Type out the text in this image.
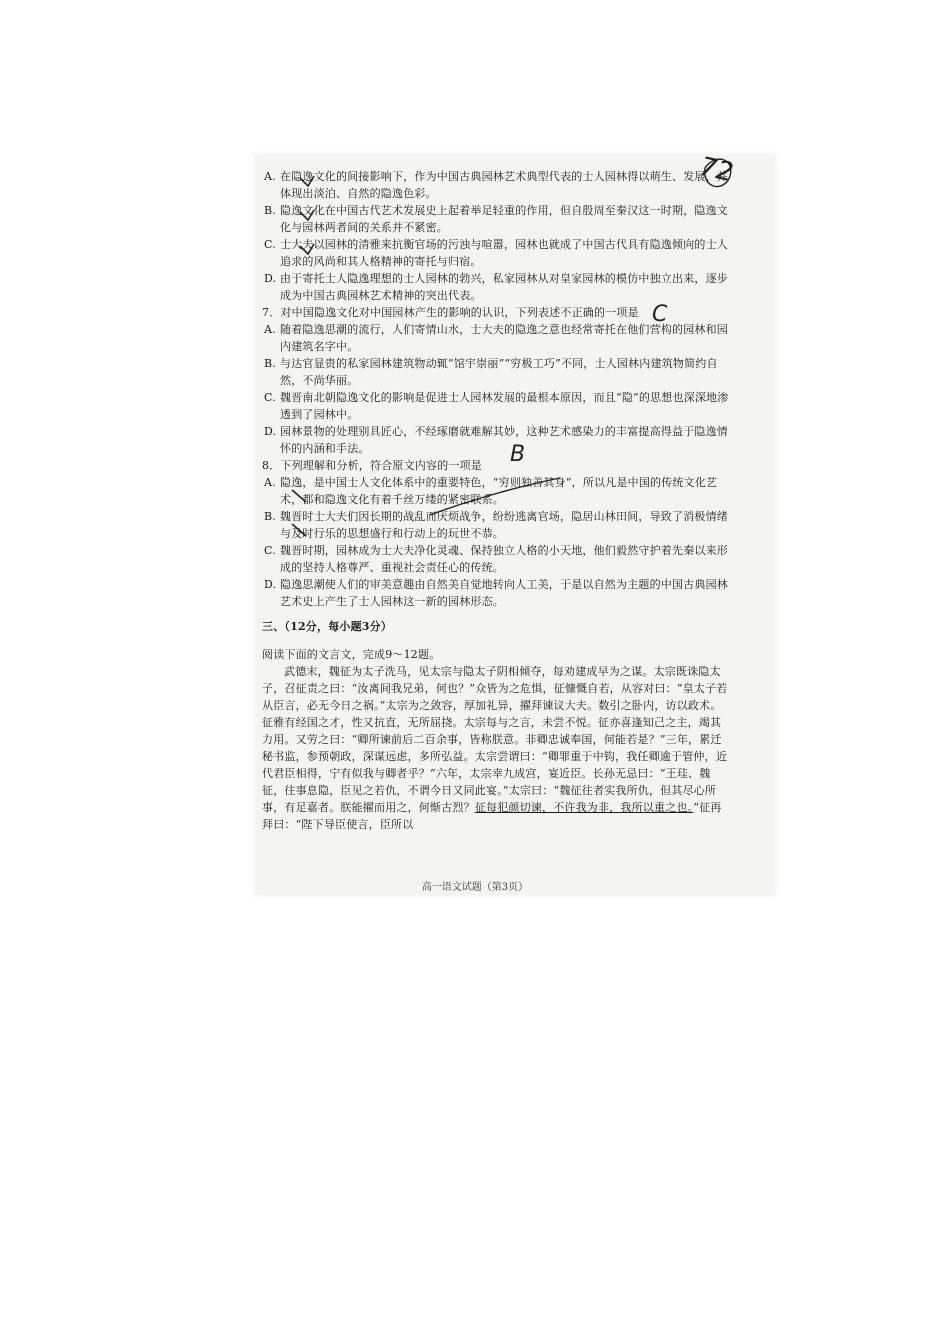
A. 在隐逸文化的间接影响下，作为中国古典园林艺术典型代表的士人园林得以萌生、发展，并体现出淡泊、自然的隐逸色彩。

B. 隐逸文化在中国古代艺术发展史上起着举足轻重的作用，但自殷周至秦汉这一时期，隐逸文化与园林两者间的关系并不紧密。

C. 士大夫以园林的清雅来抗衡官场的污浊与喧嚣，园林也就成了中国古代具有隐逸倾向的士人追求的风尚和其人格精神的寄托与归宿。

D. 由于寄托士人隐逸理想的士人园林的勃兴，私家园林从对皇家园林的模仿中独立出来，逐步成为中国古典园林艺术精神的突出代表。

7．对中国隐逸文化对中国园林产生的影响的认识，下列表述不正确的一项是

A. 随着隐逸思潮的流行，人们寄情山水，士大夫的隐逸之意也经常寄托在他们营构的园林和园内建筑名字中。

B. 与达官显贵的私家园林建筑物动辄“馆宇崇丽”“穷极工巧”不同，士人园林内建筑物简约自然，不尚华丽。

C. 魏晋南北朝隐逸文化的影响是促进士人园林发展的最根本原因，而且“隐”的思想也深深地渗透到了园林中。

D. 园林景物的处理别具匠心，不经琢磨就难解其妙，这种艺术感染力的丰富提高得益于隐逸情怀的内涵和手法。

8．下列理解和分析，符合原文内容的一项是

A. 隐逸，是中国士人文化体系中的重要特色，“穷则独善其身”，所以凡是中国的传统文化艺术，都和隐逸文化有着千丝万缕的紧密联系。

B. 魏晋时士大夫们因长期的战乱而厌烦战争，纷纷逃离官场，隐居山林田间，导致了消极情绪与及时行乐的思想盛行和行动上的玩世不恭。

C. 魏晋时期，园林成为士大夫净化灵魂、保持独立人格的小天地，他们毅然守护着先秦以来形成的坚持人格尊严、重视社会责任心的传统。

D. 隐逸思潮使人们的审美意趣由自然美自觉地转向人工美，于是以自然为主题的中国古典园林艺术史上产生了士人园林这一新的园林形态。

三、（12分，每小题3分）

阅读下面的文言文，完成9～12题。

武德末，魏征为太子洗马，见太宗与隐太子阴相倾夺，每劝建成早为之谋。太宗既诛隐太子，召征责之曰：“汝离间我兄弟，何也？”众皆为之危惧，征慷慨自若，从容对曰：“皇太子若从臣言，必无今日之祸。”太宗为之敛容，厚加礼异，擢拜谏议大夫。数引之卧内，访以政术。征雅有经国之才，性又抗直，无所屈挠。太宗每与之言，未尝不悦。征亦喜逢知己之主，竭其力用。又劳之曰：“卿所谏前后二百余事，皆称朕意。非卿忠诚奉国，何能若是？”三年，累迁秘书监，参预朝政，深谋远虑，多所弘益。太宗尝谓曰：“卿罪重于中钩，我任卿逾于管仲，近代君臣相得，宁有似我与卿者乎？”六年，太宗幸九成宫，宴近臣。长孙无忌曰：“王珪、魏征，往事息隐，臣见之若仇，不谓今日又同此宴。”太宗曰：“魏征往者实我所仇，但其尽心所事，有足嘉者。朕能擢而用之，何惭古烈？征每犯颜切谏，不许我为非，我所以重之也。”征再拜曰：“陛下导臣使言，臣所以

高一语文试题（第3页）
72
C
B
